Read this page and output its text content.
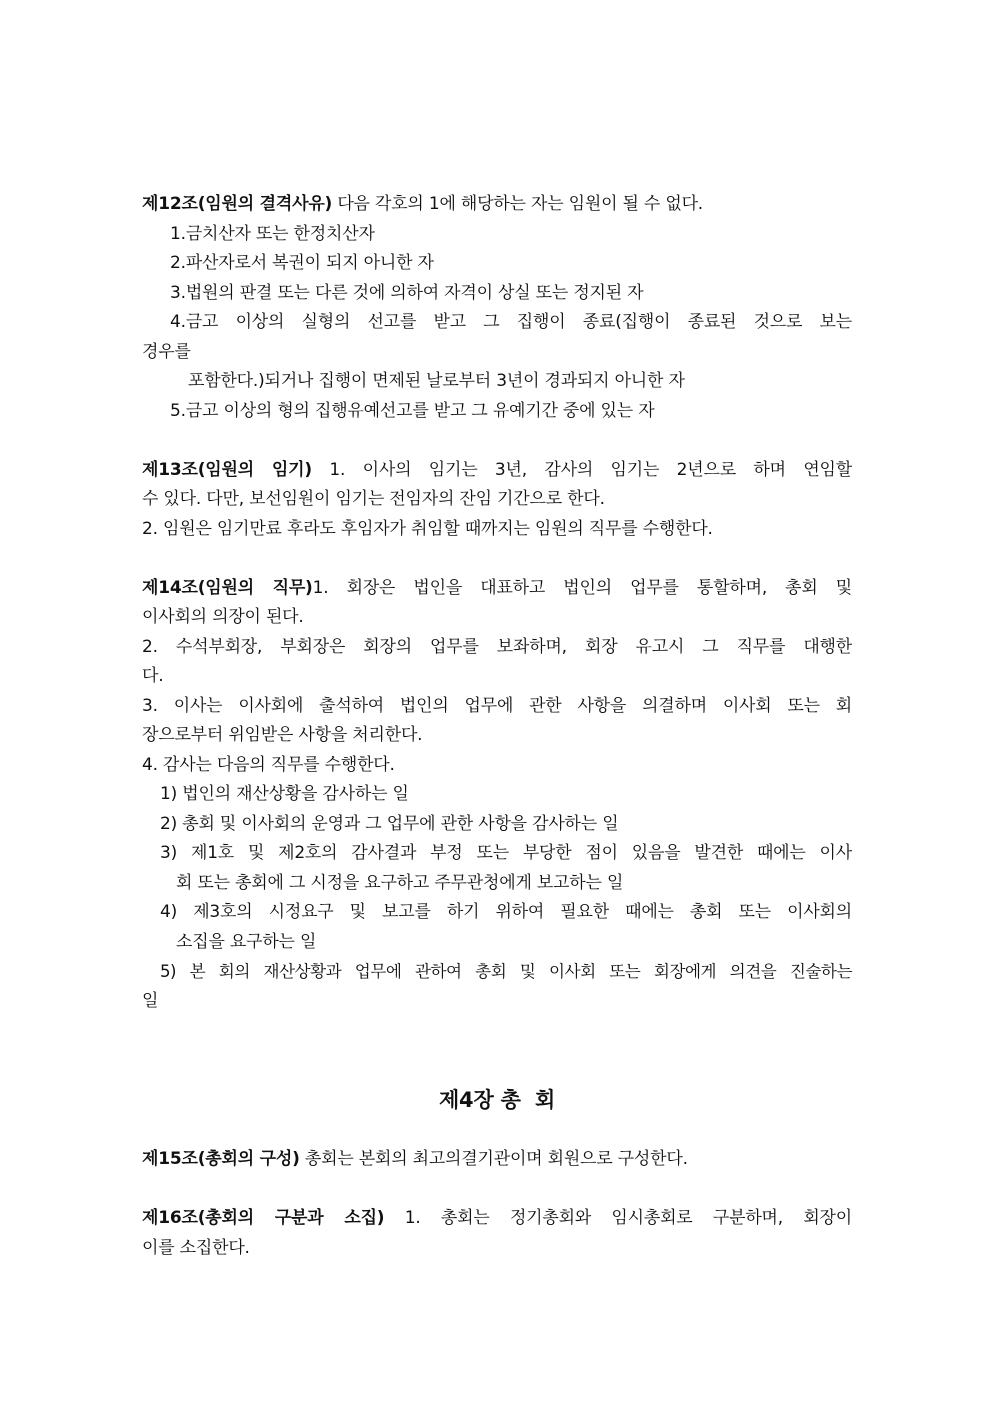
제12조(임원의 결격사유) 다음 각호의 1에 해당하는 자는 임원이 될 수 없다.
1.금치산자 또는 한정치산자
2.파산자로서 복권이 되지 아니한 자
3.법원의 판결 또는 다른 것에 의하여 자격이 상실 또는 정지된 자
4.금고 이상의 실형의 선고를 받고 그 집행이 종료(집행이 종료된 것으로 보는
경우를
포함한다.)되거나 집행이 면제된 날로부터 3년이 경과되지 아니한 자
5.금고 이상의 형의 집행유예선고를 받고 그 유예기간 중에 있는 자
제13조(임원의 임기) 1. 이사의 임기는 3년, 감사의 임기는 2년으로 하며 연임할
수 있다. 다만, 보선임원이 임기는 전임자의 잔임 기간으로 한다.
2. 임원은 임기만료 후라도 후임자가 취임할 때까지는 임원의 직무를 수행한다.
제14조(임원의 직무)1. 회장은 법인을 대표하고 법인의 업무를 통할하며, 총회 및
이사회의 의장이 된다.
2. 수석부회장, 부회장은 회장의 업무를 보좌하며, 회장 유고시 그 직무를 대행한
다.
3. 이사는 이사회에 출석하여 법인의 업무에 관한 사항을 의결하며 이사회 또는 회
장으로부터 위임받은 사항을 처리한다.
4. 감사는 다음의 직무를 수행한다.
1) 법인의 재산상황을 감사하는 일
2) 총회 및 이사회의 운영과 그 업무에 관한 사항을 감사하는 일
3) 제1호 및 제2호의 감사결과 부정 또는 부당한 점이 있음을 발견한 때에는 이사
회 또는 총회에 그 시정을 요구하고 주무관청에게 보고하는 일
4) 제3호의 시정요구 및 보고를 하기 위하여 필요한 때에는 총회 또는 이사회의
소집을 요구하는 일
5) 본 회의 재산상황과 업무에 관하여 총회 및 이사회 또는 회장에게 의견을 진술하는
일
제4장 총  회
제15조(총회의 구성) 총회는 본회의 최고의결기관이며 회원으로 구성한다.
제16조(총회의 구분과 소집) 1. 총회는 정기총회와 임시총회로 구분하며, 회장이
이를 소집한다.
